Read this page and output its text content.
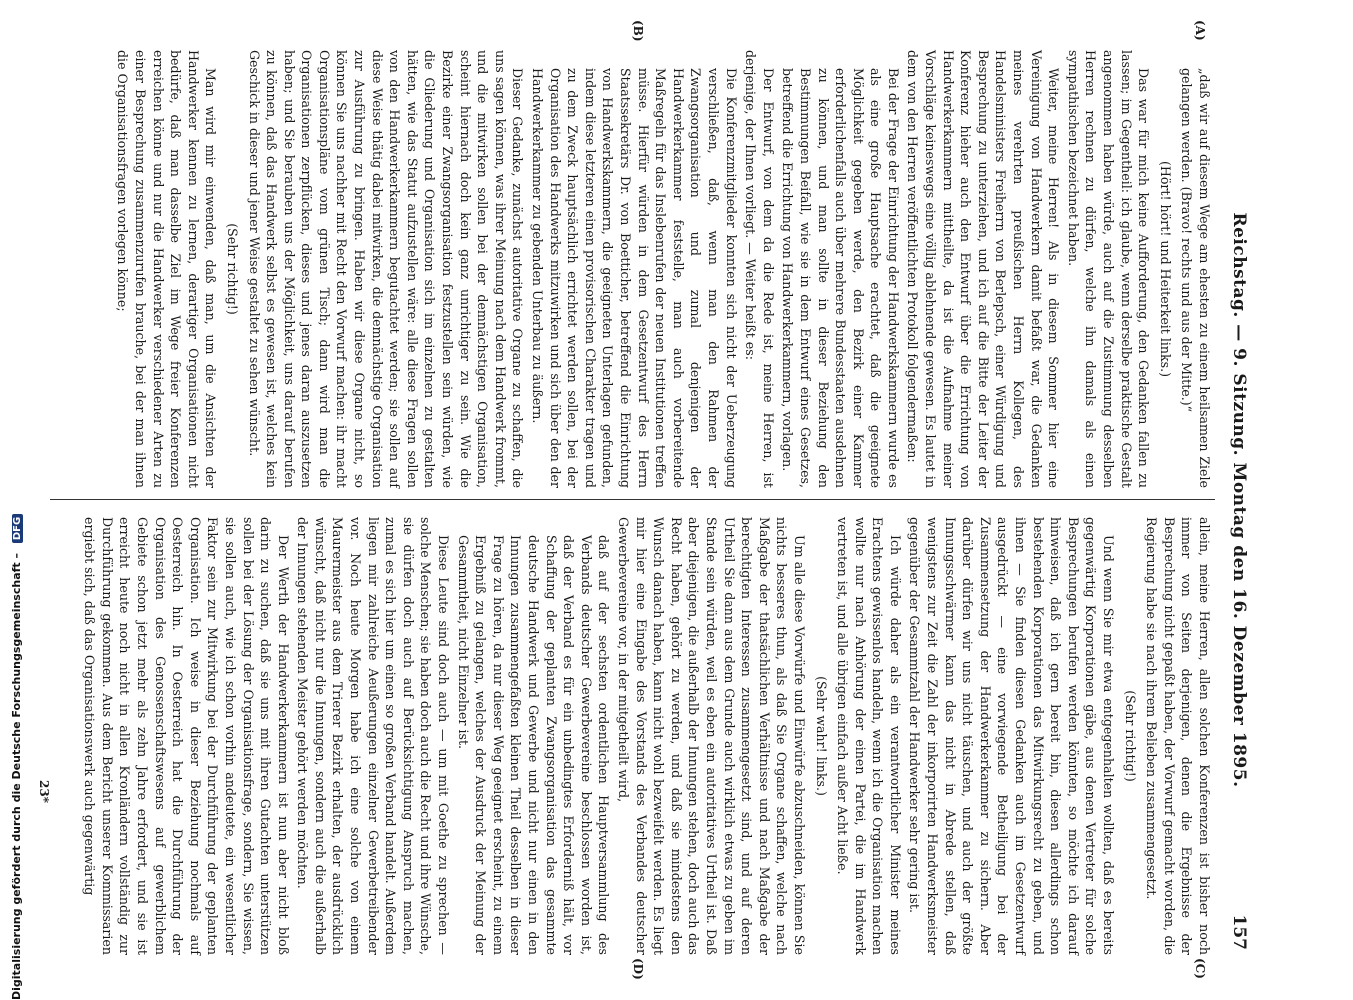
Reichstag. — 9. Sitzung. Montag den 16. Dezember 1895.
157
(A)
(B)
(C)
(D)

„daß wir auf diesem Wege am ehesten zu einem heilsamen Ziele gelangen werden. (Bravo! rechts und aus der Mitte.)“

(Hört! hört! und Heiterkeit links.)

Das war für mich keine Aufforderung, den Gedanken fallen zu lassen; im Gegentheil: ich glaube, wenn derselbe praktische Gestalt angenommen haben würde, auch auf die Zustimmung desselben Herren rechnen zu dürfen, welche ihn damals als einen sympathischen bezeichnet haben.

Weiter, meine Herren! Als in diesem Sommer hier eine Vereinigung von Handwerkern damit befaßt war, die Gedanken meines verehrten preußischen Herrn Kollegen, des Handelsministers Freiherrn von Berlepsch, einer Würdigung und Besprechung zu unterziehen, und ich auf die Bitte der Leiter der Konferenz hieher auch den Entwurf über die Errichtung von Handwerkerkammern mittheilte, da ist die Aufnahme meiner Vorschläge keineswegs eine völlig ablehnende gewesen. Es lautet in dem von den Herren veröffentlichten Protokoll folgendermaßen:

Bei der Frage der Einrichtung der Handwerkskammern wurde es als eine große Hauptsache erachtet, daß die geeignete Möglichkeit gegeben werde, den Bezirk einer Kammer erforderlichenfalls auch über mehrere Bundesstaaten ausdehnen zu können, und man sollte in dieser Beziehung den Bestimmungen Beifall, wie sie in dem Entwurf eines Gesetzes, betreffend die Errichtung von Handwerkerkammern, vorlagen.

Der Entwurf, von dem da die Rede ist, meine Herren, ist derjenige, der Ihnen vorliegt. — Weiter heißt es:

Die Konferenzmitglieder konnten sich nicht der Ueberzeugung verschließen, daß, wenn man den Rahmen der Zwangsorganisation und zumal denjenigen der Handwerkerkammer feststelle, man auch vorbereitende Maßregeln für das Inslebenrufen der neuen Institutionen treffen müsse. Hierfür würden in dem Gesetzentwurf des Herrn Staatssekretärs Dr. von Boetticher, betreffend die Einrichtung von Handwerkskammern, die geeigneten Unterlagen gefunden, indem diese letzteren einen provisorischen Charakter tragen und zu dem Zweck hauptsächlich errichtet werden sollen, bei der Organisation des Handwerks mitzuwirken und sich über den der Handwerkerkammer zu gebenden Unterbau zu äußern.

Dieser Gedanke, zunächst autoritative Organe zu schaffen, die uns sagen können, was ihrer Meinung nach dem Handwerk frommt, und die mitwirken sollen bei der demnächstigen Organisation, scheint hiernach doch kein ganz unrichtiger zu sein. Wie die Bezirke einer Zwangsorganisation festzustellen sein würden, wie die Gliederung und Organisation sich im einzelnen zu gestalten hätten, wie das Statut aufzustellen wäre: alle diese Fragen sollen von den Handwerkerkammern begutachtet werden; sie sollen auf diese Weise thätig dabei mitwirken, die demnächstige Organisation zur Ausführung zu bringen. Haben wir diese Organe nicht, so können Sie uns nachher mit Recht den Vorwurf machen: ihr macht Organisationspläne vom grünen Tisch; dann wird man die Organisationen zerpflücken, dieses und jenes daran auszusetzen haben; und Sie berauben uns der Möglichkeit, uns darauf berufen zu können, daß das Handwerk selbst es gewesen ist, welches kein Geschick in dieser und jener Weise gestaltet zu sehen wünscht.

(Sehr richtig!)

Man wird mir einwenden, daß man, um die Ansichten der Handwerker kennen zu lernen, derartiger Organisationen nicht bedürfe, daß man dasselbe Ziel im Wege freier Konferenzen erreichen könne und nur die Handwerker verschiedener Arten zu einer Besprechung zusammenzurufen brauche, bei der man ihnen die Organisationsfragen vorlegen könne;

allein, meine Herren, allen solchen Konferenzen ist bisher noch immer von Seiten derjenigen, denen die Ergebnisse der Besprechung nicht gepaßt haben, der Vorwurf gemacht worden, die Regierung habe sie nach ihrem Belieben zusammengesetzt.

(Sehr richtig!)

Und wenn Sie mir etwa entgegenhalten wollten, daß es bereits gegenwärtig Korporationen gäbe, aus denen Vertreter für solche Besprechungen berufen werden könnten, so möchte ich darauf hinweisen, daß ich gern bereit bin, diesen allerdings schon bestehenden Korporationen das Mitwirkungsrecht zu geben, und ihnen — Sie finden diesen Gedanken auch im Gesetzentwurf ausgedrückt — eine vorwiegende Betheiligung bei der Zusammensetzung der Handwerkerkammer zu sichern. Aber darüber dürfen wir uns nicht täuschen, und auch der größte Innungsschwärmer kann das nicht in Abrede stellen, daß wenigstens zur Zeit die Zahl der inkorporirten Handwerksmeister gegenüber der Gesammtzahl der Handwerker sehr gering ist.

Ich würde daher als ein verantwortlicher Minister meines Erachtens gewissenlos handeln, wenn ich die Organisation machen wollte nur nach Anhörung der einen Partei, die im Handwerk vertreten ist, und alle übrigen einfach außer Acht ließe.

(Sehr wahr! links.)

Um alle diese Vorwürfe und Einwürfe abzuschneiden, können Sie nichts besseres thun, als daß Sie Organe schaffen, welche nach Maßgabe der thatsächlichen Verhältnisse und nach Maßgabe der berechtigten Interessen zusammengesetzt sind, und auf deren Urtheil Sie dann aus dem Grunde auch wirklich etwas zu geben im Stande sein würden, weil es eben ein autoritatives Urtheil ist. Daß aber diejenigen, die außerhalb der Innungen stehen, doch auch das Recht haben, gehört zu werden, und daß sie mindestens den Wunsch danach haben, kann nicht wohl bezweifelt werden. Es liegt mir hier eine Eingabe des Vorstands des Verbandes deutscher Gewerbevereine vor, in der mitgetheilt wird,

daß auf der sechsten ordentlichen Hauptversammlung des Verbands deutscher Gewerbevereine beschlossen worden ist, daß der Verband es für ein unbedingtes Erforderniß hält, vor Schaffung der geplanten Zwangsorganisation das gesammte deutsche Handwerk und Gewerbe und nicht nur einen in den Innungen zusammengefaßten kleinen Theil desselben in dieser Frage zu hören, da nur dieser Weg geeignet erscheint, zu einem Ergebniß zu gelangen, welches der Ausdruck der Meinung der Gesammtheit, nicht Einzelner ist.

Diese Leute sind doch auch — um mit Goethe zu sprechen — solche Menschen; sie haben doch auch die Recht und ihre Wünsche, sie dürfen doch auch auf Berücksichtigung Anspruch machen, zumal es sich hier um einen so großen Verband handelt. Außerdem liegen mir zahlreiche Aeußerungen einzelner Gewerbetreibender vor. Noch heute Morgen habe ich eine solche von einem Maurermeister aus dem Trierer Bezirk erhalten, der ausdrücklich wünscht, daß nicht nur die Innungen, sondern auch die außerhalb der Innungen stehenden Meister gehört werden möchten.

Der Werth der Handwerkerkammern ist nun aber nicht bloß darin zu suchen, daß sie uns mit ihren Gutachten unterstützen sollen bei der Lösung der Organisationsfrage, sondern, Sie wissen, sie sollen auch, wie ich schon vorhin andeutete, ein wesentlicher Faktor sein zur Mitwirkung bei der Durchführung der geplanten Organisation. Ich weise in dieser Beziehung nochmals auf Oesterreich hin. In Oesterreich hat die Durchführung der Organisation des Genossenschaftswesens auf gewerblichem Gebiete schon jetzt mehr als zehn Jahre erfordert, und sie ist erreicht heute noch nicht in allen Kronländern vollständig zur Durchführung gekommen. Aus dem Bericht unserer Kommissarien ergiebt sich, daß das Organisationswerk auch gegenwärtig

23*
Digitalisierung gefördert durch die Deutsche Forschungsgemeinschaft – DFG
